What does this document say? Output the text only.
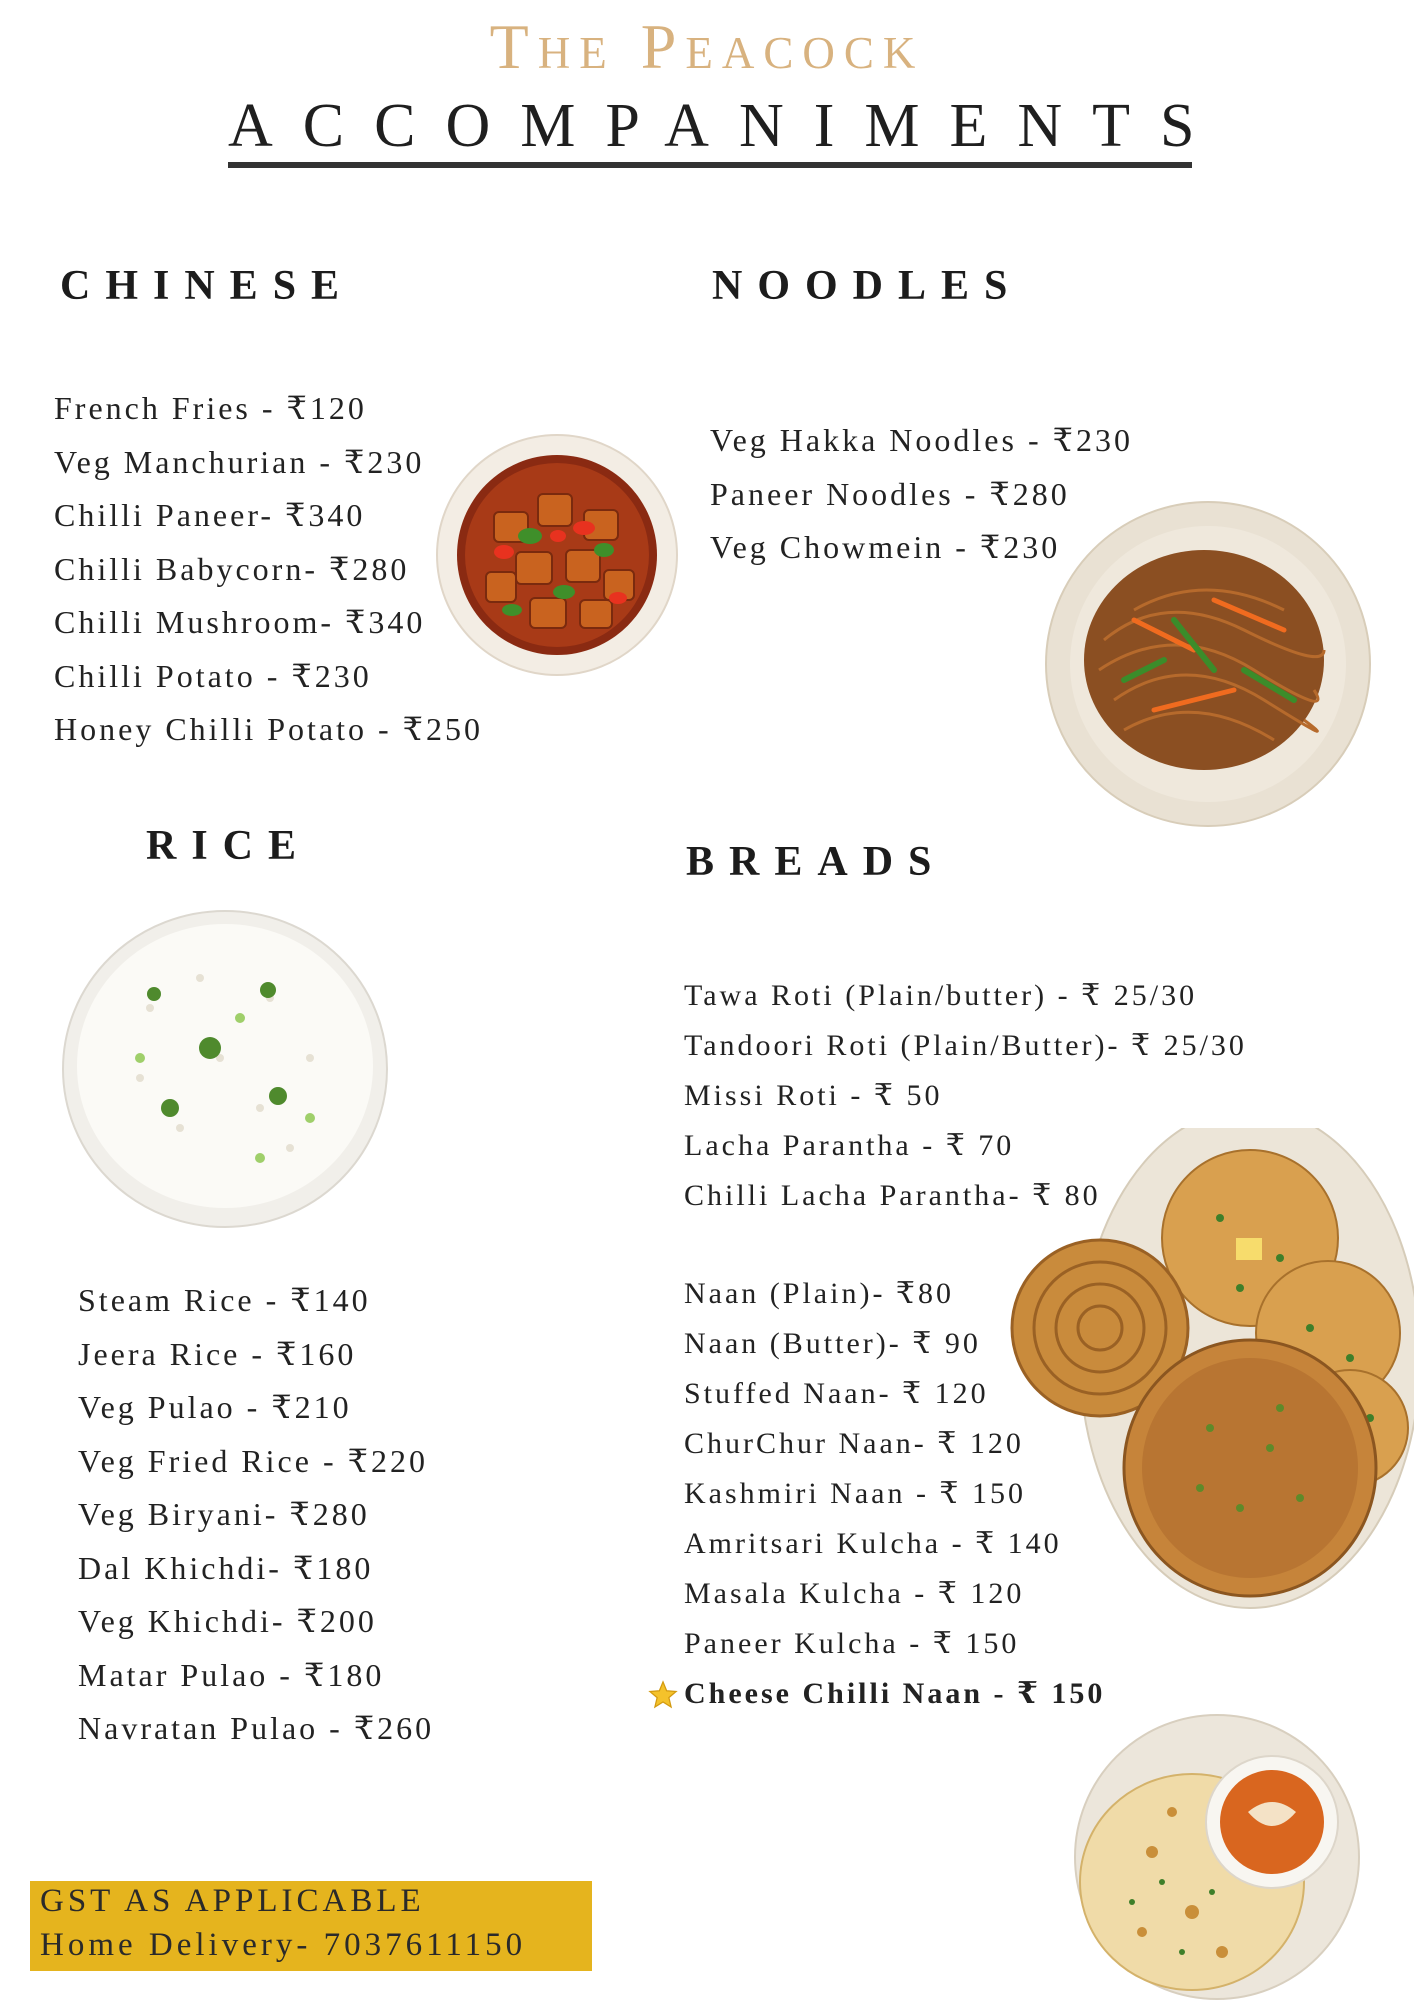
The Peacock
ACCOMPANIMENTS
CHINESE
French Fries - ₹120
Veg Manchurian - ₹230
Chilli Paneer- ₹340
Chilli Babycorn- ₹280
Chilli Mushroom- ₹340
Chilli Potato - ₹230
Honey Chilli Potato - ₹250
NOODLES
Veg Hakka Noodles - ₹230
Paneer Noodles - ₹280
Veg Chowmein - ₹230
RICE
Steam Rice - ₹140
Jeera Rice - ₹160
Veg Pulao - ₹210
Veg Fried Rice - ₹220
Veg Biryani- ₹280
Dal Khichdi- ₹180
Veg Khichdi- ₹200
Matar Pulao - ₹180
Navratan Pulao - ₹260
BREADS
Tawa Roti (Plain/butter) - ₹ 25/30
Tandoori Roti (Plain/Butter)- ₹ 25/30
Missi Roti - ₹ 50
Lacha Parantha - ₹ 70
Chilli Lacha Parantha- ₹ 80
Naan (Plain)- ₹80
Naan (Butter)- ₹ 90
Stuffed Naan- ₹ 120
ChurChur Naan- ₹ 120
Kashmiri Naan - ₹ 150
Amritsari Kulcha - ₹ 140
Masala Kulcha - ₹ 120
Paneer Kulcha - ₹ 150
Cheese Chilli Naan - ₹ 150
GST AS APPLICABLE
Home Delivery- 7037611150
